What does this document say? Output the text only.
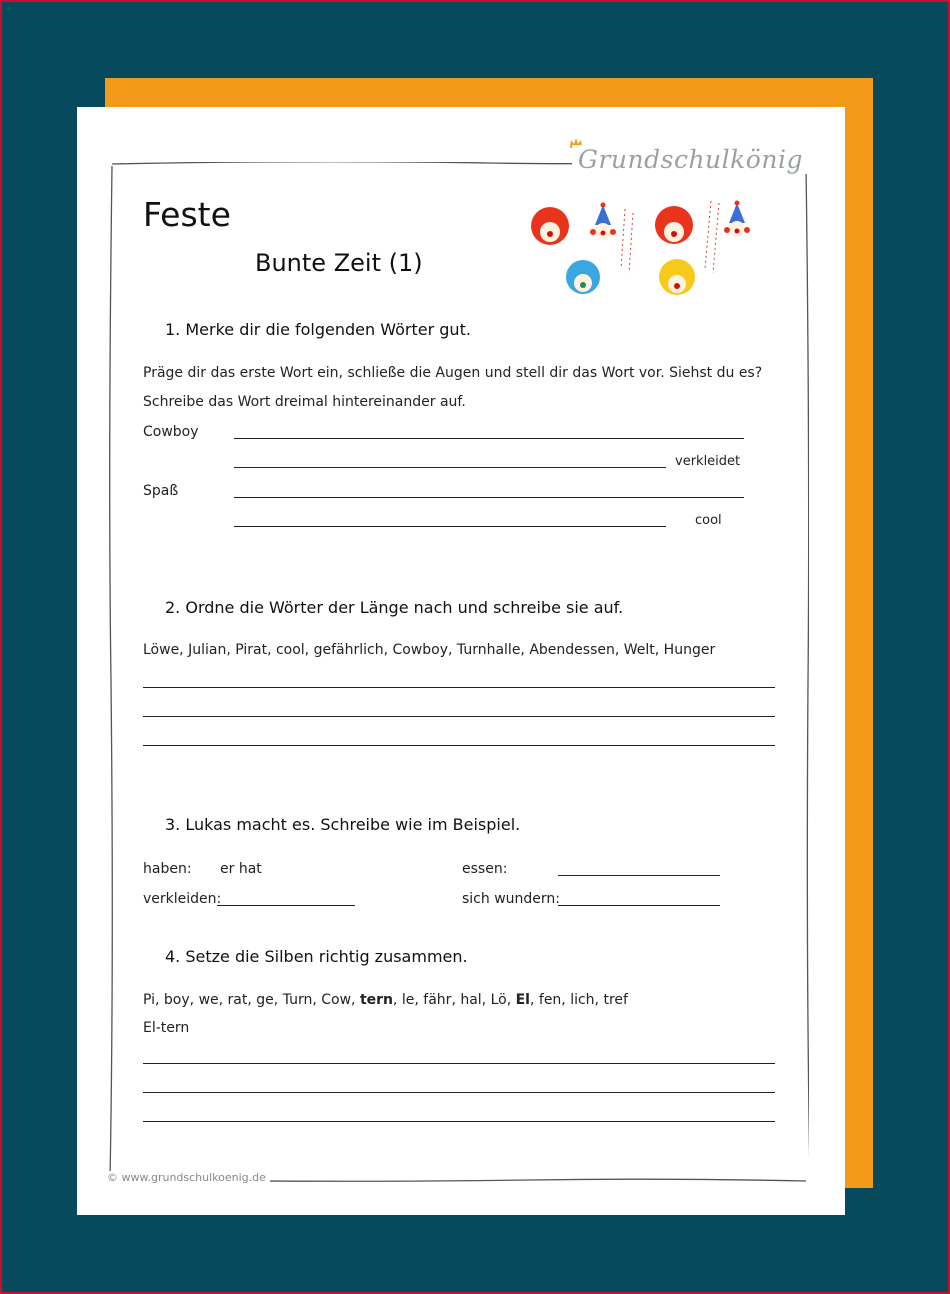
Grundschulkönig
Feste
Bunte Zeit (1)
1. Merke dir die folgenden Wörter gut.
Präge dir das erste Wort ein, schließe die Augen und stell dir das Wort vor. Siehst du es?
Schreibe das Wort dreimal hintereinander auf.
Cowboy
verkleidet
Spaß
cool
2. Ordne die Wörter der Länge nach und schreibe sie auf.
Löwe, Julian, Pirat, cool, gefährlich, Cowboy, Turnhalle, Abendessen, Welt, Hunger
3. Lukas macht es. Schreibe wie im Beispiel.
haben: er hat	essen:
verkleiden:	sich wundern:
4. Setze die Silben richtig zusammen.
Pi, boy, we, rat, ge, Turn, Cow, tern, le, fähr, hal, Lö, El, fen, lich, tref
El-tern
© www.grundschulkoenig.de
